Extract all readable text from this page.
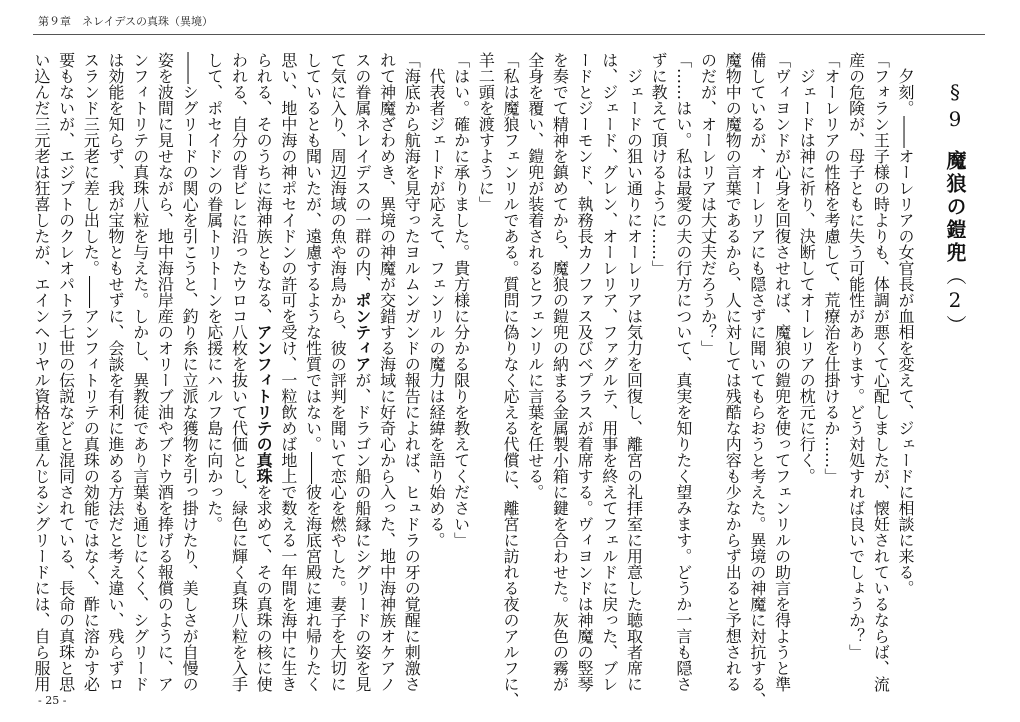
第９章　ネレイデスの真珠（異境）
§9魔狼の鎧兜（2）
　夕刻。――オーレリアの女官長が血相を変えて、ジェードに相談に来る。
「フォラン王子様の時よりも、体調が悪くて心配しましたが、懐妊されているならば、流
産の危険が、母子ともに失う可能性があります。どう対処すれば良いでしょうか？」
「オーレリアの性格を考慮して、荒療治を仕掛けるか……」
　ジェードは神に祈り、決断してオーレリアの枕元に行く。
「ヴィヨンドが心身を回復させれば、魔狼の鎧兜を使ってフェンリルの助言を得ようと準
備しているが、オーレリアにも隠さずに聞いてもらおうと考えた。異境の神魔に対抗する、
魔物中の魔物の言葉であるから、人に対しては残酷な内容も少なからず出ると予想される
のだが、オーレリアは大丈夫だろうか？」
「……はい。私は最愛の夫の行方について、真実を知りたく望みます。どうか一言も隠さ
ずに教えて頂けるように……」
　ジェードの狙い通りにオーレリアは気力を回復し、離宮の礼拝室に用意した聴取者席に
は、ジェード、グレン、オーレリア、ファグルテ、用事を終えてフェルドに戻った、ブレ
ードとジーモンド、執務長カノファス及びベプラスが着席する。ヴィヨンドは神魔の竪琴
を奏でて精神を鎮めてから、魔狼の鎧兜の納まる金属製小箱に鍵を合わせた。灰色の霧が
全身を覆い、鎧兜が装着されるとフェンリルに言葉を任せる。
「私は魔狼フェンリルである。質問に偽りなく応える代償に、離宮に訪れる夜のアルフに、
羊二頭を渡すように」
「はい。確かに承りました。貴方様に分かる限りを教えてください」
　代表者ジェードが応えて、フェンリルの魔力は経緯を語り始める。
「海底から航海を見守ったヨルムンガンドの報告によれば、ヒュドラの牙の覚醒に刺激さ
れて神魔ざわめき、異境の神魔が交錯する海域に好奇心から入った、地中海神族オケアノ
スの眷属ネレイデスの一群の内、ポンティアが、ドラゴン船の船縁にシグリードの姿を見
て気に入り、周辺海域の魚や海鳥から、彼の評判を聞いて恋心を燃やした。妻子を大切に
しているとも聞いたが、遠慮するような性質ではない。――彼を海底宮殿に連れ帰りたく
思い、地中海の神ポセイドンの許可を受け、一粒飲めば地上で数える一年間を海中に生き
られる、そのうちに海神族ともなる、アンフィトリテの真珠を求めて、その真珠の核に使
われる、自分の背ビレに沿ったウロコ八枚を抜いて代価とし、緑色に輝く真珠八粒を入手
して、ポセイドンの眷属トリトーンを応援にハルフ島に向かった。
――シグリードの関心を引こうと、釣り糸に立派な獲物を引っ掛けたり、美しさが自慢の
姿を波間に見せながら、地中海沿岸産のオリーブ油やブドウ酒を捧げる報償のように、ア
ンフィトリテの真珠八粒を与えた。しかし、異教徒であり言葉も通じにくく、シグリード
は効能を知らず、我が宝物ともせずに、会談を有利に進める方法だと考え違い、残らずロ
スランド三元老に差し出した。――アンフィトリテの真珠の効能ではなく、酢に溶かす必
要もないが、エジプトのクレオパトラ七世の伝説などと混同されている、長命の真珠と思
い込んだ三元老は狂喜したが、エインヘリヤル資格を重んじるシグリードには、自ら服用
- 25 -
